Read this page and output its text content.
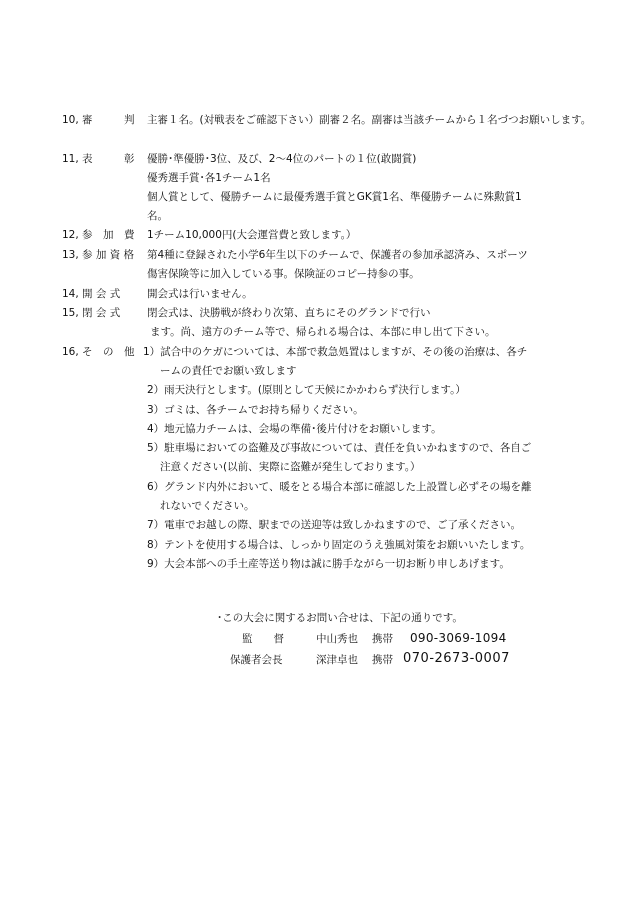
10, 審　　　判 主審１名。(対戦表をご確認下さい）副審２名。副審は当該チームから１名づつお願いします。
11, 表　　　彰 優勝･準優勝･3位、及び、2～4位のパートの１位(敢闘賞)
優秀選手賞･各1チーム1名
個人賞として、優勝チームに最優秀選手賞とGK賞1名、準優勝チームに殊勲賞1
名。
12, 参　加　費 1チーム10,000円(大会運営費と致します。）
13, 参 加 資 格 第4種に登録された小学6年生以下のチームで、保護者の参加承認済み、スポーツ
傷害保険等に加入している事。保険証のコピー持参の事。
14, 開 会 式	開会式は行いません。
15, 閉 会 式	閉会式は、決勝戦が終わり次第、直ちにそのグランドで行い
ます。尚、遠方のチーム等で、帰られる場合は、本部に申し出て下さい。
16, そ　の　他 1）試合中のケガについては、本部で救急処置はしますが、その後の治療は、各チ
ームの責任でお願い致します
2）雨天決行とします。(原則として天候にかかわらず決行します。）
3）ゴミは、各チームでお持ち帰りください。
4）地元協力チームは、会場の準備･後片付けをお願いします。
5）駐車場においての盗難及び事故については、責任を負いかねますので、各自ご
注意ください(以前、実際に盗難が発生しております。）
6）グランド内外において、暖をとる場合本部に確認した上設置し必ずその場を離
れないでください。
7）電車でお越しの際、駅までの送迎等は致しかねますので、ご了承ください。
8）テントを使用する場合は、しっかり固定のうえ強風対策をお願いいたします。
9）大会本部への手土産等送り物は誠に勝手ながら一切お断り申しあげます。
･この大会に関するお問い合せは、下記の通りです。
監　　督	中山秀也 携帯 090-3069-1094
保護者会長	深津卓也 携帯 070-2673-0007
